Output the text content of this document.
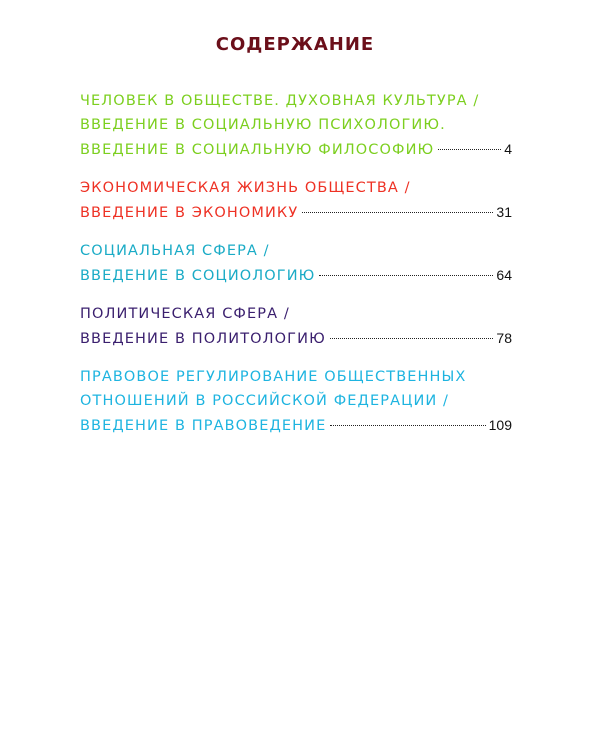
СОДЕРЖАНИЕ
ЧЕЛОВЕК В ОБЩЕСТВЕ. ДУХОВНАЯ КУЛЬТУРА /
ВВЕДЕНИЕ В СОЦИАЛЬНУЮ ПСИХОЛОГИЮ.
ВВЕДЕНИЕ В СОЦИАЛЬНУЮ ФИЛОСОФИЮ	4
ЭКОНОМИЧЕСКАЯ ЖИЗНЬ ОБЩЕСТВА /
ВВЕДЕНИЕ В ЭКОНОМИКУ	31
СОЦИАЛЬНАЯ СФЕРА /
ВВЕДЕНИЕ В СОЦИОЛОГИЮ	64
ПОЛИТИЧЕСКАЯ СФЕРА /
ВВЕДЕНИЕ В ПОЛИТОЛОГИЮ	78
ПРАВОВОЕ РЕГУЛИРОВАНИЕ ОБЩЕСТВЕННЫХ
ОТНОШЕНИЙ В РОССИЙСКОЙ ФЕДЕРАЦИИ /
ВВЕДЕНИЕ В ПРАВОВЕДЕНИЕ	109
